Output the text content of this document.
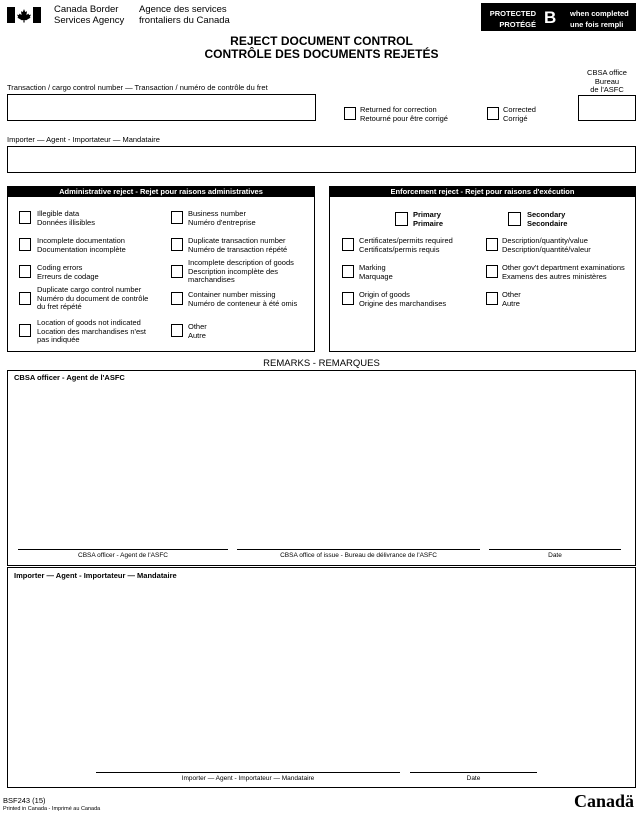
Canada Border
Services Agency
Agence des services
frontaliers du Canada
PROTECTED
PROTÉGÉ B when completed
une fois rempli
REJECT DOCUMENT CONTROL
CONTRÔLE DES DOCUMENTS REJETÉS
CBSA office
Bureau
de l'ASFC
Transaction / cargo control number — Transaction / numéro de contrôle du fret
Returned for correction
Retourné pour être corrigé
Corrected
Corrigé
Importer — Agent - Importateur — Mandataire
Administrative reject - Rejet pour raisons administratives
Illegible data
Données illisibles
Incomplete documentation
Documentation incomplète
Coding errors
Erreurs de codage
Duplicate cargo control number
Numéro du document de contrôle
du fret répété
Location of goods not indicated
Location des marchandises n'est
pas indiquée
Business number
Numéro d'entreprise
Duplicate transaction number
Numéro de transaction répété
Incomplete description of goods
Description incomplète des
marchandises
Container number missing
Numéro de conteneur à été omis
Other
Autre
Enforcement reject - Rejet pour raisons d'exécution
Primary
Primaire
Secondary
Secondaire
Certificates/permits required
Certificats/permis requis
Marking
Marquage
Origin of goods
Origine des marchandises
Description/quantity/value
Description/quantité/valeur
Other gov't department examinations
Examens des autres ministères
Other
Autre
REMARKS - REMARQUES
CBSA officer - Agent de l'ASFC
CBSA officer - Agent de l'ASFC	CBSA office of issue - Bureau de délivrance de l'ASFC	Date
Importer — Agent - Importateur — Mandataire
Importer — Agent - Importateur — Mandataire	Date
BSF243 (15)
Printed in Canada - Imprimé au Canada	Canadä
